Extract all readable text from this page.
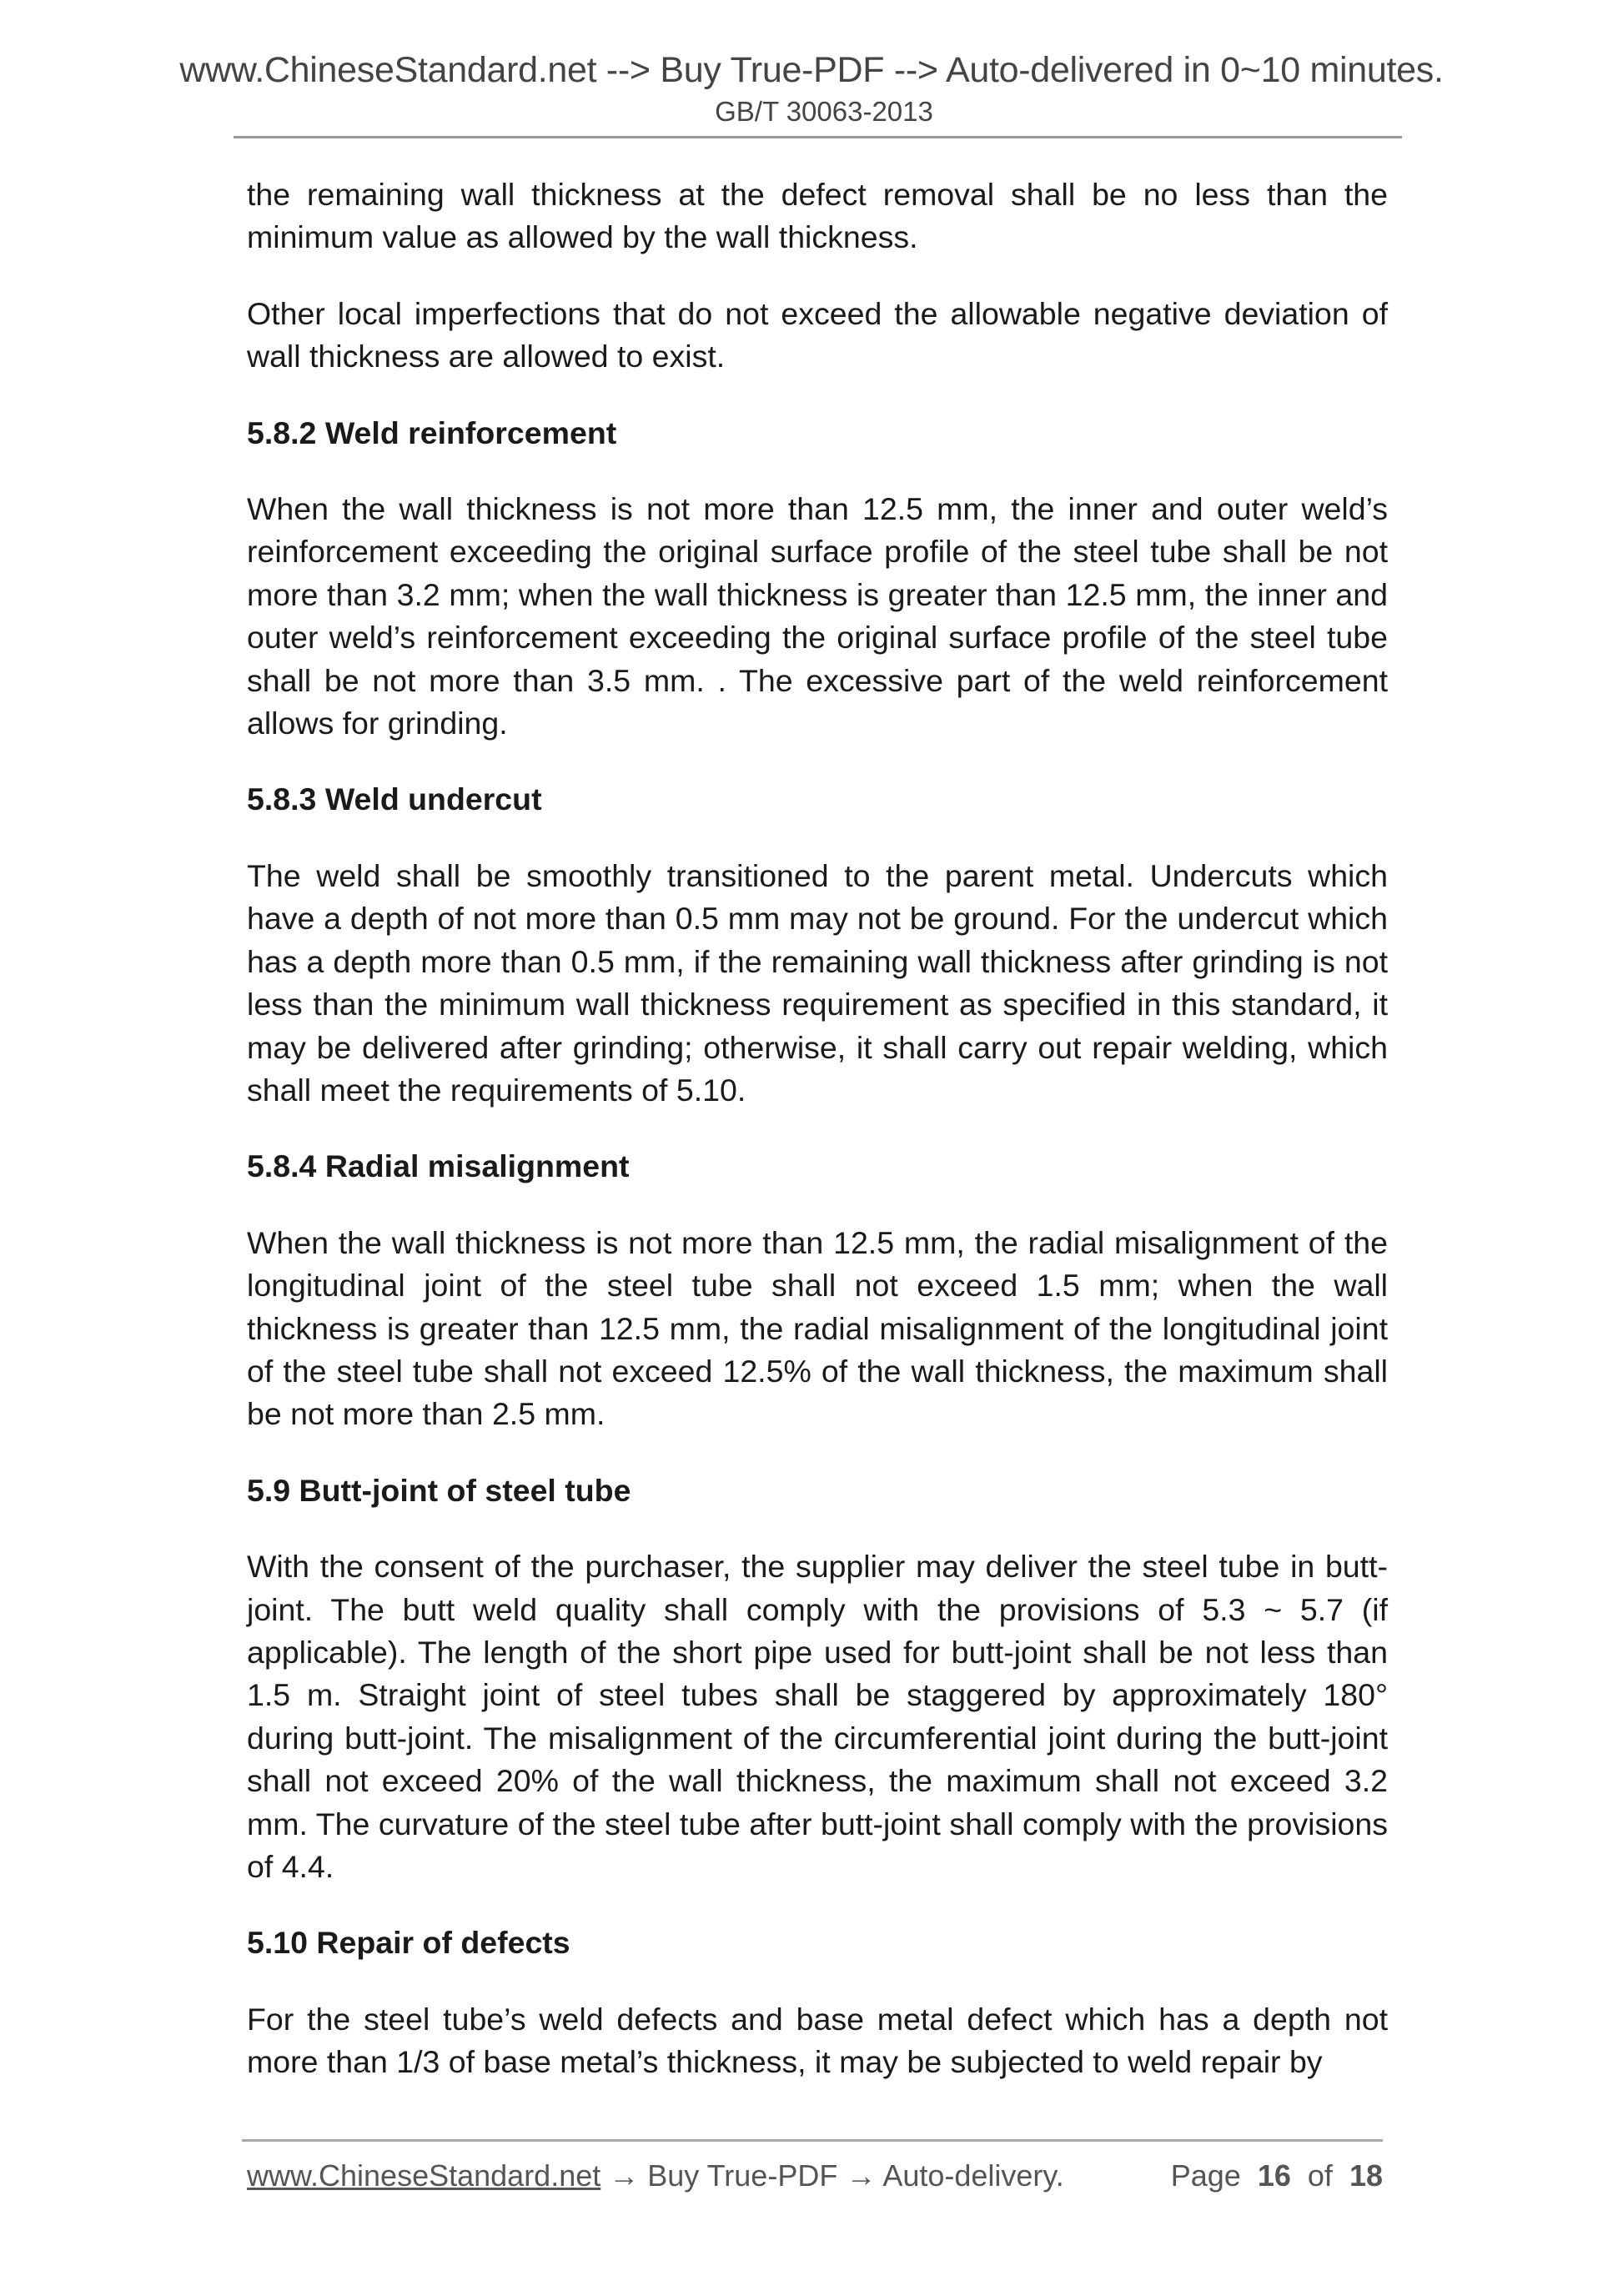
www.ChineseStandard.net --> Buy True-PDF --> Auto-delivered in 0~10 minutes.
GB/T 30063-2013

the remaining wall thickness at the defect removal shall be no less than the minimum value as allowed by the wall thickness.

Other local imperfections that do not exceed the allowable negative deviation of wall thickness are allowed to exist.

5.8.2 Weld reinforcement

When the wall thickness is not more than 12.5 mm, the inner and outer weld’s reinforcement exceeding the original surface profile of the steel tube shall be not more than 3.2 mm; when the wall thickness is greater than 12.5 mm, the inner and outer weld’s reinforcement exceeding the original surface profile of the steel tube shall be not more than 3.5 mm. . The excessive part of the weld reinforcement allows for grinding.

5.8.3 Weld undercut

The weld shall be smoothly transitioned to the parent metal. Undercuts which have a depth of not more than 0.5 mm may not be ground. For the undercut which has a depth more than 0.5 mm, if the remaining wall thickness after grinding is not less than the minimum wall thickness requirement as specified in this standard, it may be delivered after grinding; otherwise, it shall carry out repair welding, which shall meet the requirements of 5.10.

5.8.4 Radial misalignment

When the wall thickness is not more than 12.5 mm, the radial misalignment of the longitudinal joint of the steel tube shall not exceed 1.5 mm; when the wall thickness is greater than 12.5 mm, the radial misalignment of the longitudinal joint of the steel tube shall not exceed 12.5% of the wall thickness, the maximum shall be not more than 2.5 mm.

5.9 Butt-joint of steel tube

With the consent of the purchaser, the supplier may deliver the steel tube in butt-joint. The butt weld quality shall comply with the provisions of 5.3 ~ 5.7 (if applicable). The length of the short pipe used for butt-joint shall be not less than 1.5 m. Straight joint of steel tubes shall be staggered by approximately 180° during butt-joint. The misalignment of the circumferential joint during the butt-joint shall not exceed 20% of the wall thickness, the maximum shall not exceed 3.2 mm. The curvature of the steel tube after butt-joint shall comply with the provisions of 4.4.

5.10 Repair of defects

For the steel tube’s weld defects and base metal defect which has a depth not more than 1/3 of base metal’s thickness, it may be subjected to weld repair by

www.ChineseStandard.net → Buy True-PDF → Auto-delivery.	Page 16 of 18
